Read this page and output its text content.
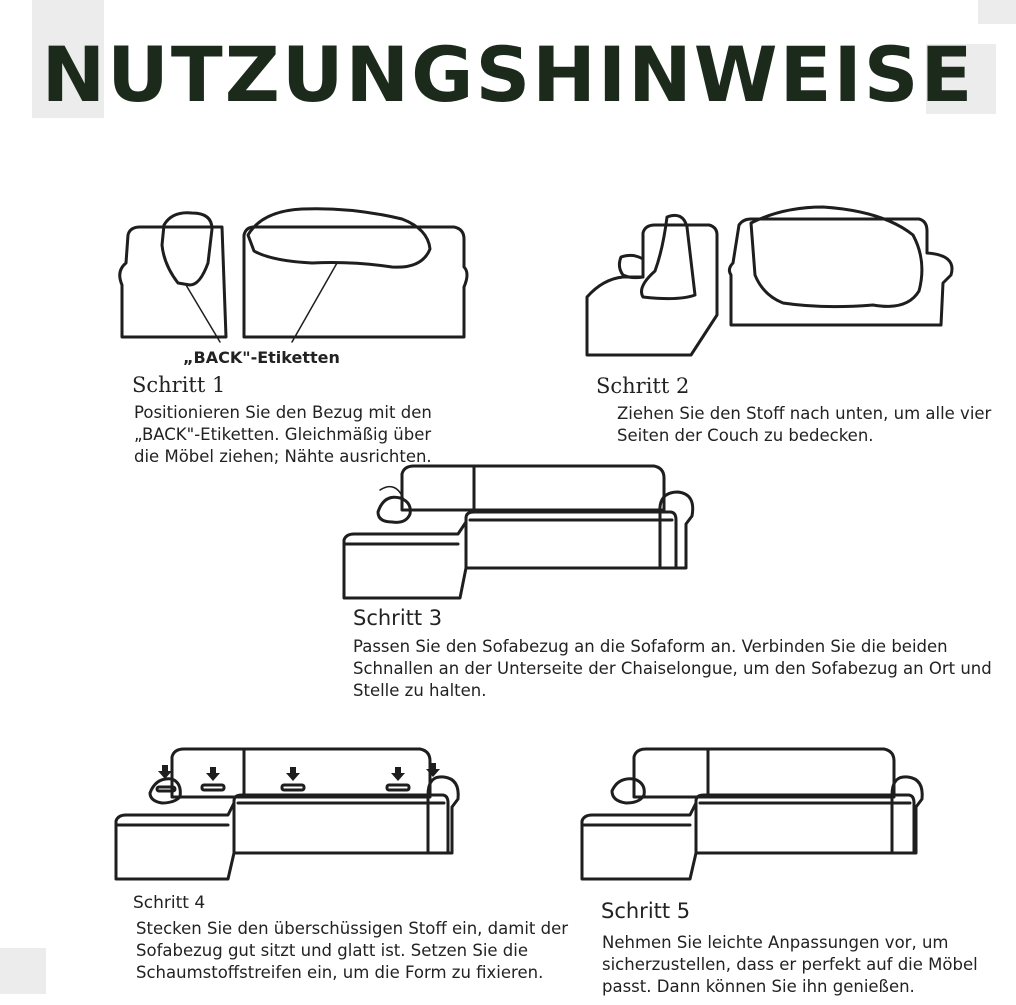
NUTZUNGSHINWEISE
„BACK"-Etiketten
Schritt 1
Positionieren Sie den Bezug mit den „BACK"-Etiketten. Gleichmäßig über die Möbel ziehen; Nähte ausrichten.
Schritt 2
Ziehen Sie den Stoff nach unten, um alle vier Seiten der Couch zu bedecken.
Schritt 3
Passen Sie den Sofabezug an die Sofaform an. Verbinden Sie die beiden Schnallen an der Unterseite der Chaiselongue, um den Sofabezug an Ort und Stelle zu halten.
Schritt 4
Stecken Sie den überschüssigen Stoff ein, damit der Sofabezug gut sitzt und glatt ist. Setzen Sie die Schaumstoffstreifen ein, um die Form zu fixieren.
Schritt 5
Nehmen Sie leichte Anpassungen vor, um sicherzustellen, dass er perfekt auf die Möbel passt. Dann können Sie ihn genießen.
